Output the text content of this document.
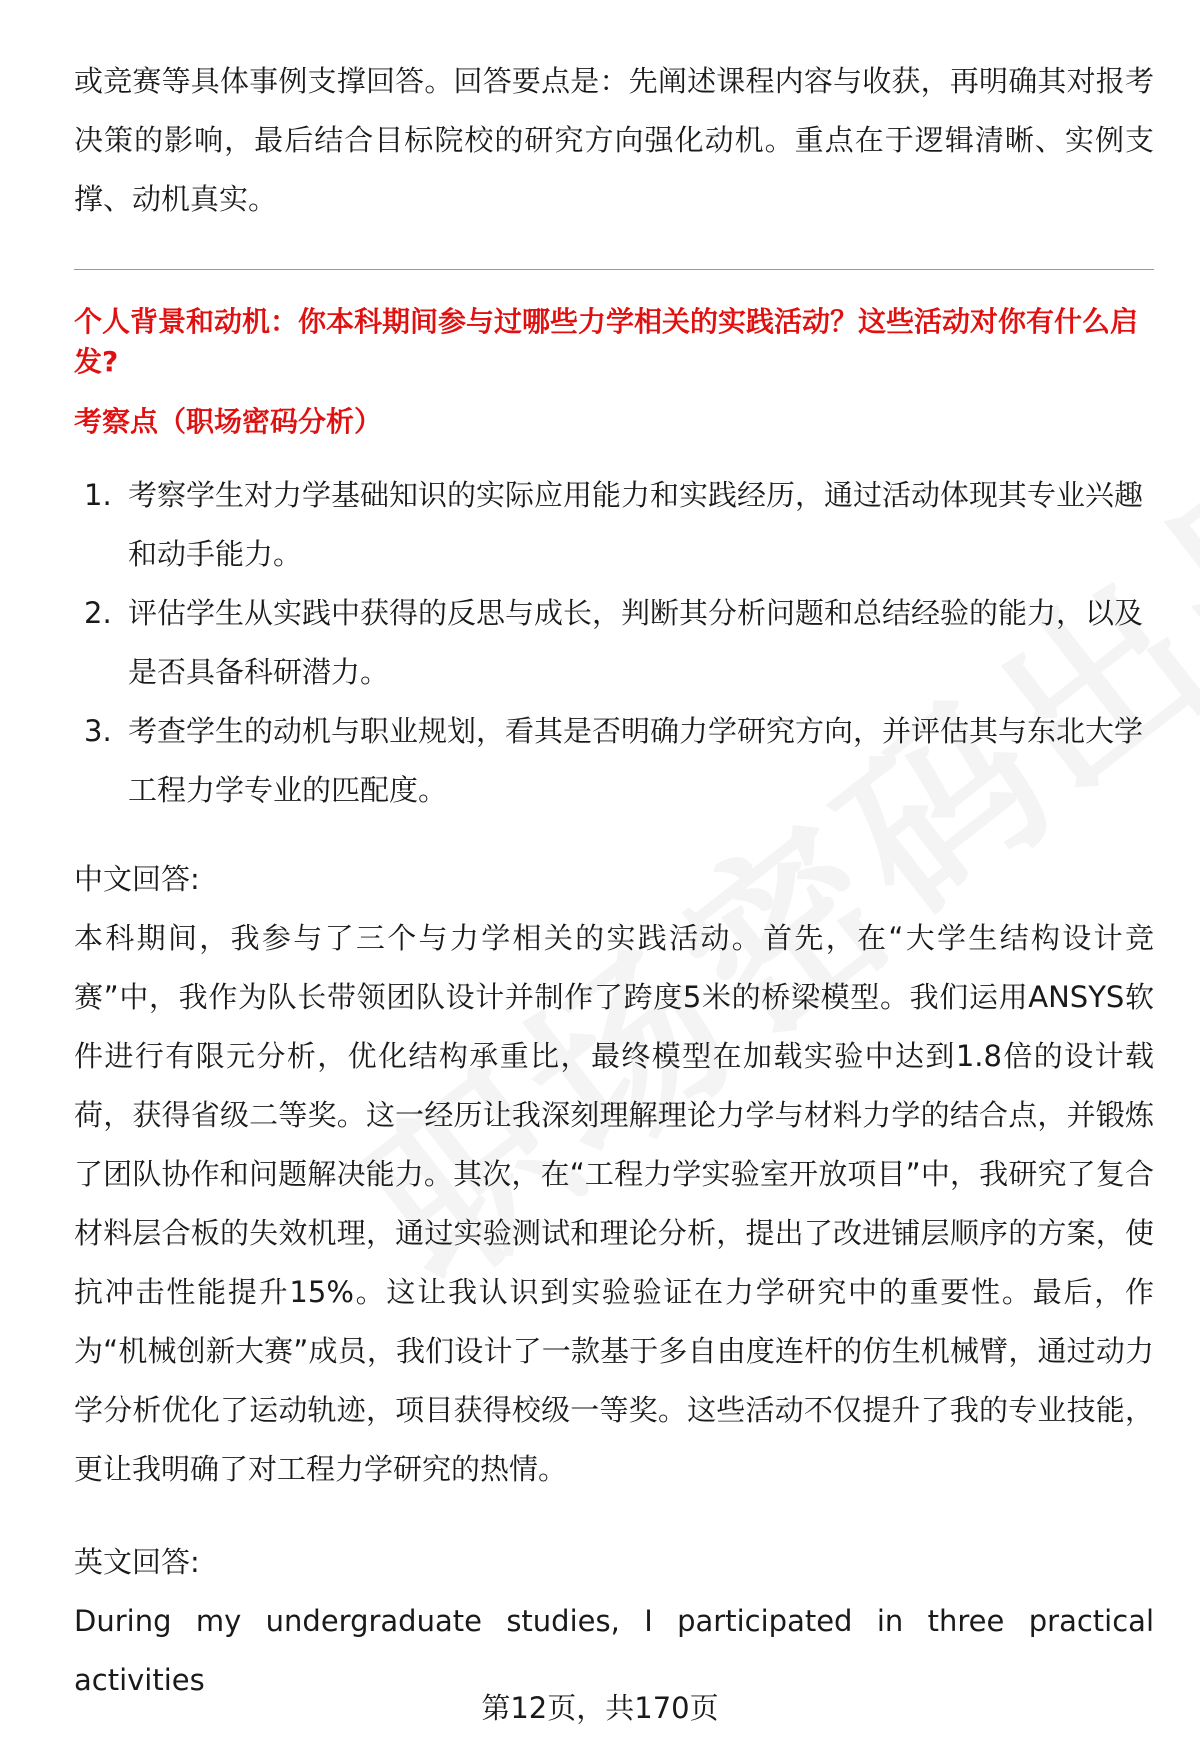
或竞赛等具体事例支撑回答。回答要点是：先阐述课程内容与收获，再明确其对报考决策的影响，最后结合目标院校的研究方向强化动机。重点在于逻辑清晰、实例支撑、动机真实。

个人背景和动机：你本科期间参与过哪些力学相关的实践活动？这些活动对你有什么启发?
考察点（职场密码分析）
1. 考察学生对力学基础知识的实际应用能力和实践经历，通过活动体现其专业兴趣和动手能力。
2. 评估学生从实践中获得的反思与成长，判断其分析问题和总结经验的能力，以及是否具备科研潜力。
3. 考查学生的动机与职业规划，看其是否明确力学研究方向，并评估其与东北大学工程力学专业的匹配度。
中文回答:

本科期间，我参与了三个与力学相关的实践活动。首先，在“大学生结构设计竞赛”中，我作为队长带领团队设计并制作了跨度5米的桥梁模型。我们运用ANSYS软件进行有限元分析，优化结构承重比，最终模型在加载实验中达到1.8倍的设计载荷，获得省级二等奖。这一经历让我深刻理解理论力学与材料力学的结合点，并锻炼了团队协作和问题解决能力。其次，在“工程力学实验室开放项目”中，我研究了复合材料层合板的失效机理，通过实验测试和理论分析，提出了改进铺层顺序的方案，使抗冲击性能提升15%。这让我认识到实验验证在力学研究中的重要性。最后，作为“机械创新大赛”成员，我们设计了一款基于多自由度连杆的仿生机械臂，通过动力学分析优化了运动轨迹，项目获得校级一等奖。这些活动不仅提升了我的专业技能，更让我明确了对工程力学研究的热情。

英文回答:

During my undergraduate studies, I participated in three practical activities

第12页，共170页
